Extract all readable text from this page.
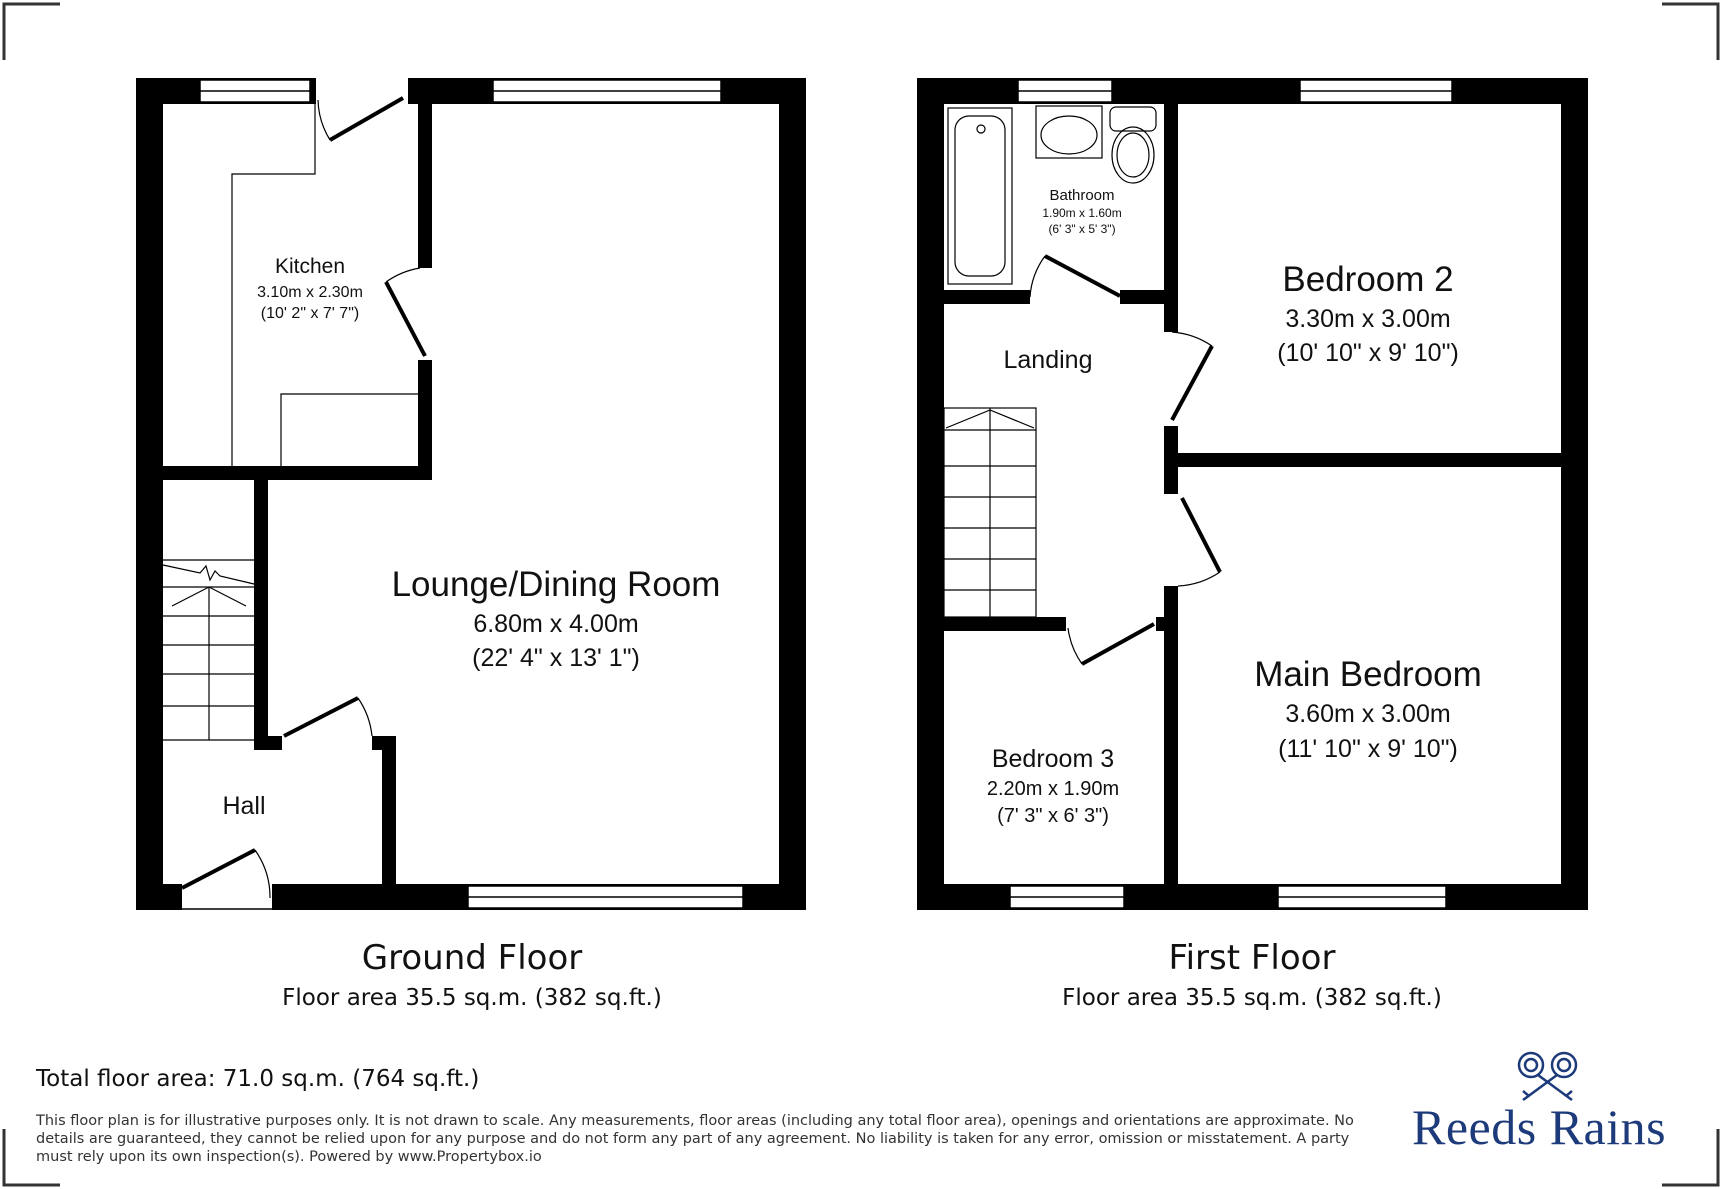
Kitchen
3.10m x 2.30m
(10' 2" x 7' 7")
Lounge/Dining Room
6.80m x 4.00m
(22' 4" x 13' 1")
Hall
Bathroom
1.90m x 1.60m
(6' 3" x 5' 3")
Bedroom 2
3.30m x 3.00m
(10' 10" x 9' 10")
Landing
Main Bedroom
3.60m x 3.00m
(11' 10" x 9' 10")
Bedroom 3
2.20m x 1.90m
(7' 3" x 6' 3")
Ground Floor
Floor area 35.5 sq.m. (382 sq.ft.)
First Floor
Floor area 35.5 sq.m. (382 sq.ft.)
Total floor area: 71.0 sq.m. (764 sq.ft.)
This floor plan is for illustrative purposes only. It is not drawn to scale. Any measurements, floor areas (including any total floor area), openings and orientations are approximate. No details are guaranteed, they cannot be relied upon for any purpose and do not form any part of any agreement. No liability is taken for any error, omission or misstatement. A party must rely upon its own inspection(s). Powered by www.Propertybox.io
Reeds Rains
